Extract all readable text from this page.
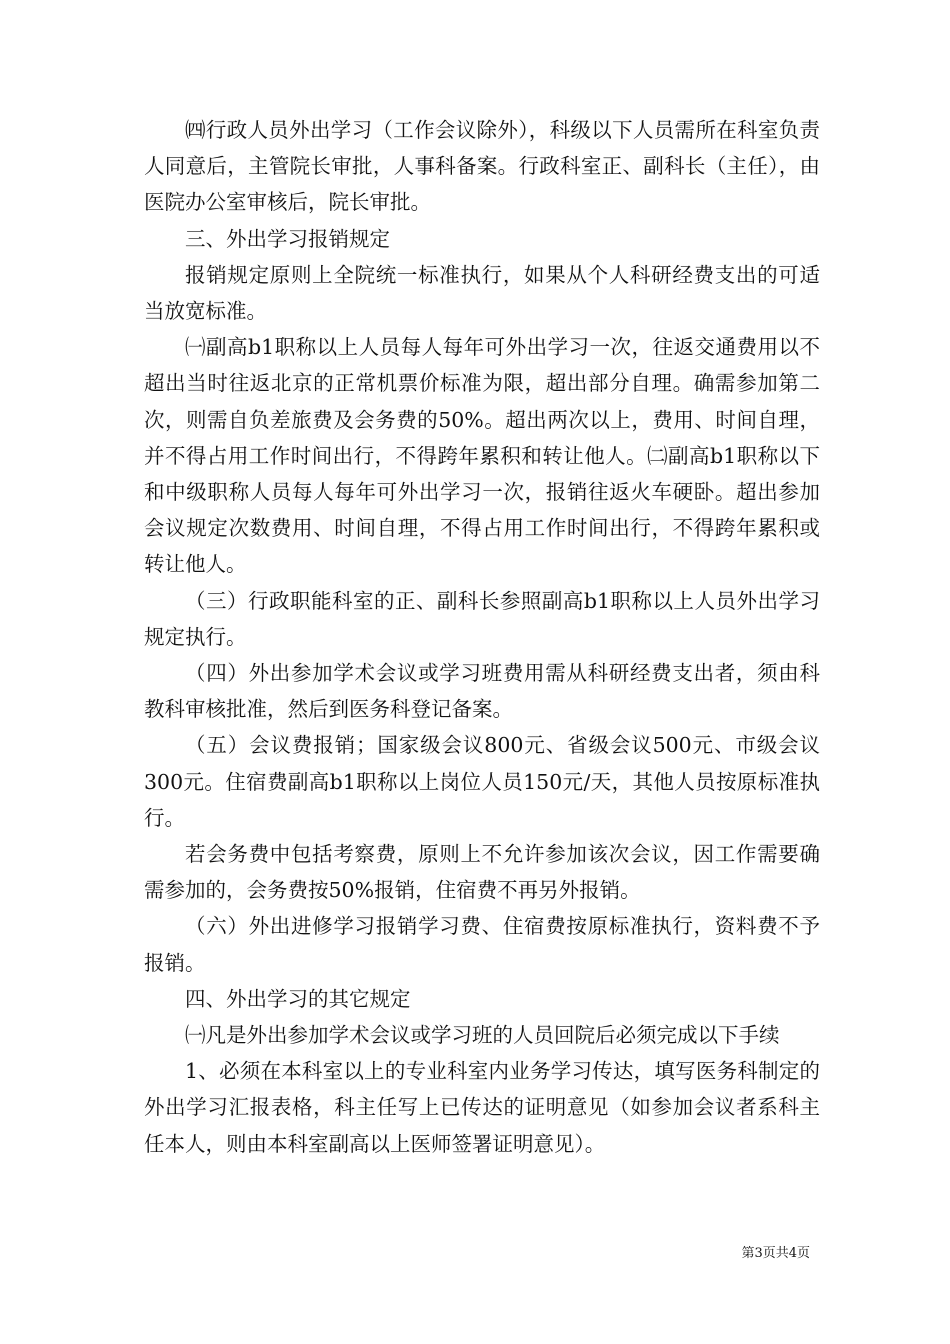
㈣行政人员外出学习（工作会议除外），科级以下人员需所在科室负责人同意后，主管院长审批，人事科备案。行政科室正、副科长（主任），由医院办公室审核后，院长审批。

三、外出学习报销规定

报销规定原则上全院统一标准执行，如果从个人科研经费支出的可适当放宽标准。

㈠副高b1职称以上人员每人每年可外出学习一次，往返交通费用以不超出当时往返北京的正常机票价标准为限，超出部分自理。确需参加第二次，则需自负差旅费及会务费的50%。超出两次以上，费用、时间自理，并不得占用工作时间出行，不得跨年累积和转让他人。㈡副高b1职称以下和中级职称人员每人每年可外出学习一次，报销往返火车硬卧。超出参加会议规定次数费用、时间自理，不得占用工作时间出行，不得跨年累积或转让他人。

（三）行政职能科室的正、副科长参照副高b1职称以上人员外出学习规定执行。

（四）外出参加学术会议或学习班费用需从科研经费支出者，须由科教科审核批准，然后到医务科登记备案。

（五）会议费报销；国家级会议800元、省级会议500元、市级会议300元。住宿费副高b1职称以上岗位人员150元/天，其他人员按原标准执行。

若会务费中包括考察费，原则上不允许参加该次会议，因工作需要确需参加的，会务费按50%报销，住宿费不再另外报销。

（六）外出进修学习报销学习费、住宿费按原标准执行，资料费不予报销。

四、外出学习的其它规定

㈠凡是外出参加学术会议或学习班的人员回院后必须完成以下手续

1、必须在本科室以上的专业科室内业务学习传达，填写医务科制定的外出学习汇报表格，科主任写上已传达的证明意见（如参加会议者系科主任本人，则由本科室副高以上医师签署证明意见）。

第3页共4页
